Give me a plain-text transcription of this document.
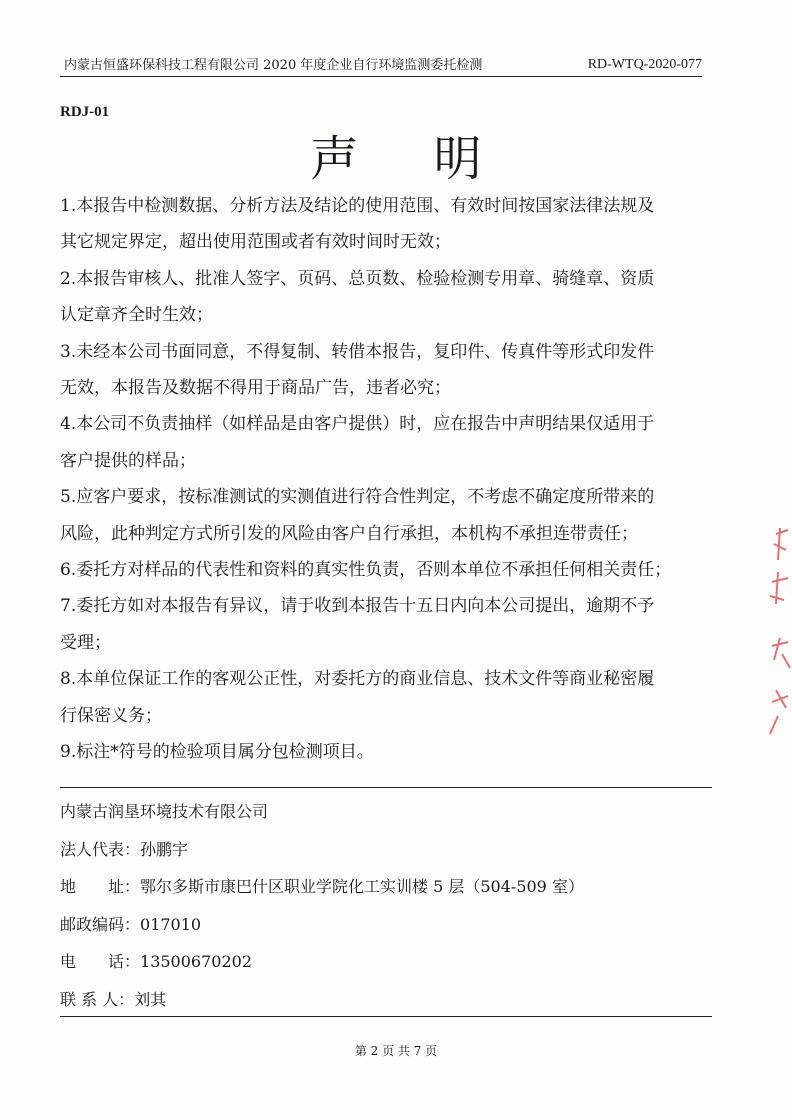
内蒙古恒盛环保科技工程有限公司 2020 年度企业自行环境监测委托检测	RD-WTQ-2020-077
RDJ-01
声 明
1.本报告中检测数据、分析方法及结论的使用范围、有效时间按国家法律法规及
其它规定界定，超出使用范围或者有效时间时无效；
2.本报告审核人、批准人签字、页码、总页数、检验检测专用章、骑缝章、资质
认定章齐全时生效；
3.未经本公司书面同意，不得复制、转借本报告，复印件、传真件等形式印发件
无效，本报告及数据不得用于商品广告，违者必究；
4.本公司不负责抽样（如样品是由客户提供）时，应在报告中声明结果仅适用于
客户提供的样品；
5.应客户要求，按标准测试的实测值进行符合性判定，不考虑不确定度所带来的
风险，此种判定方式所引发的风险由客户自行承担，本机构不承担连带责任；
6.委托方对样品的代表性和资料的真实性负责，否则本单位不承担任何相关责任；
7.委托方如对本报告有异议，请于收到本报告十五日内向本公司提出，逾期不予
受理；
8.本单位保证工作的客观公正性，对委托方的商业信息、技术文件等商业秘密履
行保密义务；
9.标注*符号的检验项目属分包检测项目。
内蒙古润垦环境技术有限公司
法人代表： 孙鹏宇
地	址： 鄂尔多斯市康巴什区职业学院化工实训楼 5 层（504-509 室）
邮政编码： 017010
电	话： 13500670202
联 系 人： 刘其
第 2 页 共 7 页
